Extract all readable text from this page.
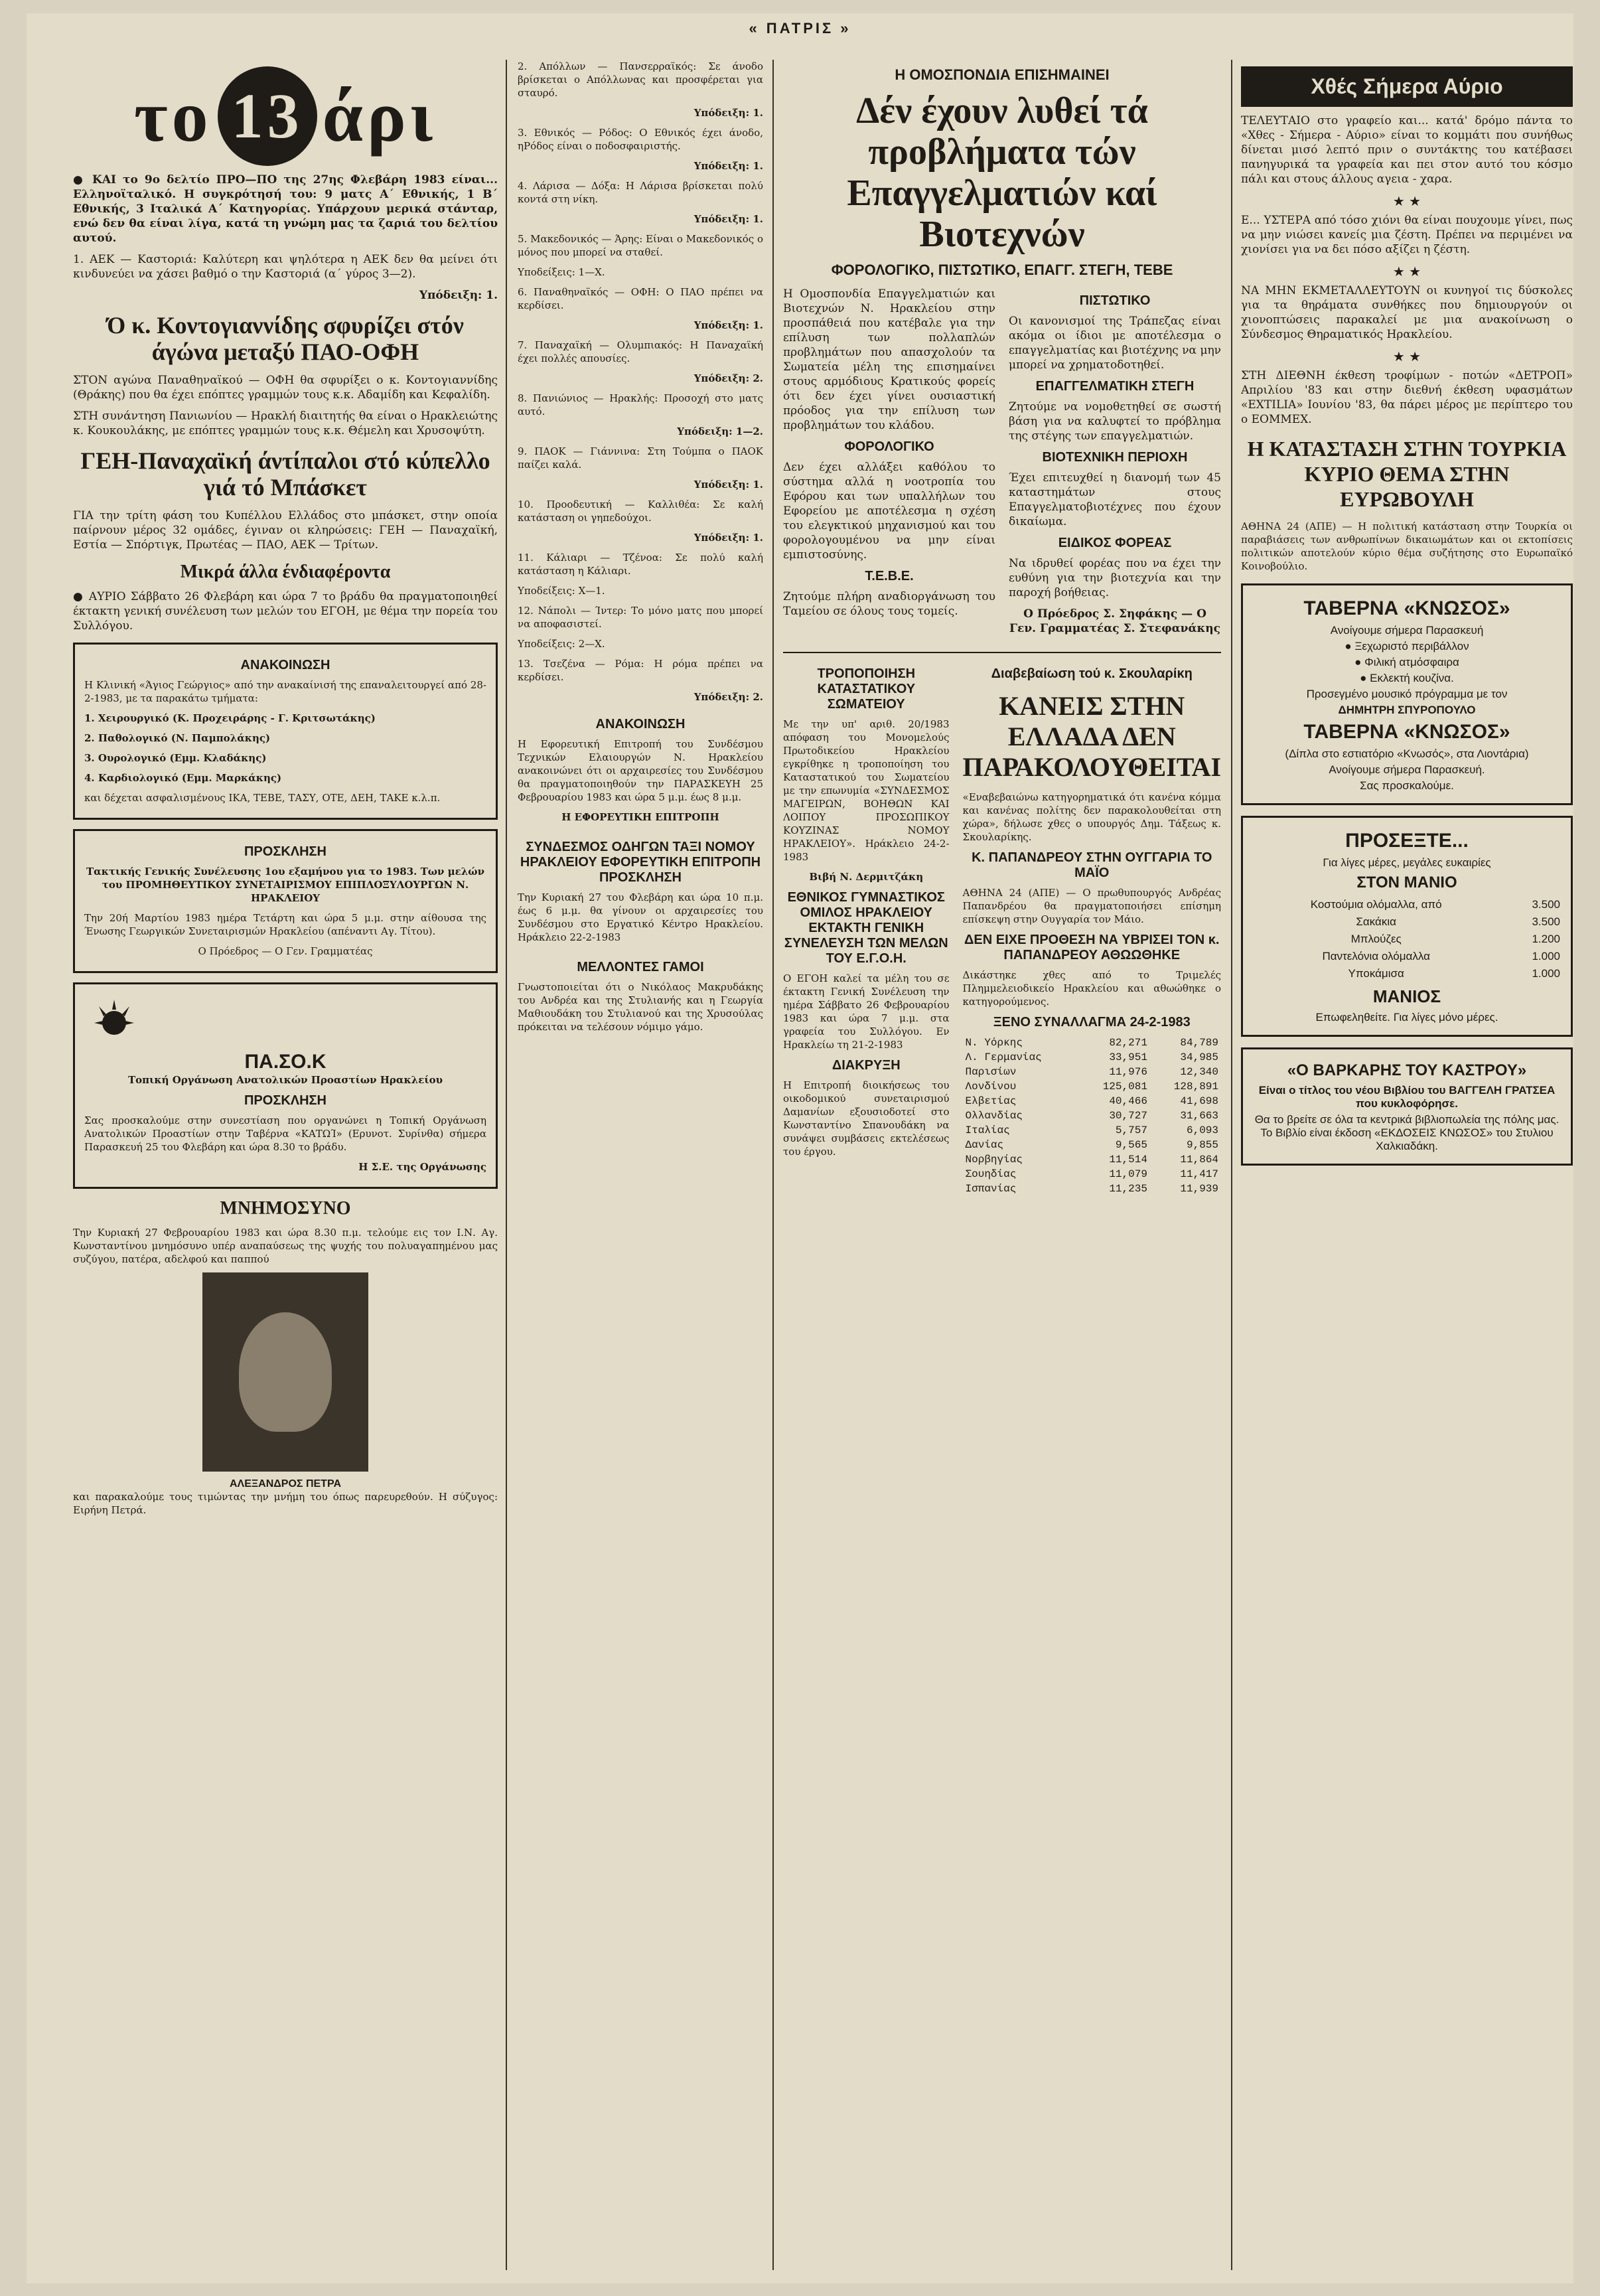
« ΠΑΤΡΙΣ »
το 13 άρι

● ΚΑΙ το 9ο δελτίο ΠΡΟ—ΠΟ της 27ης Φλεβάρη 1983 είναι... Ελληνοϊταλικό. Η συγκρότησή του: 9 ματς Α΄ Εθνικής, 1 Β΄ Εθνικής, 3 Ιταλικά Α΄ Κατηγορίας. Υπάρχουν μερικά στάνταρ, ενώ δεν θα είναι λίγα, κατά τη γνώμη μας τα ζαριά του δελτίου αυτού.

1. ΑΕΚ — Καστοριά: Καλύτερη και ψηλότερα η ΑΕΚ δεν θα μείνει ότι κινδυνεύει να χάσει βαθμό ο την Καστοριά (α΄ γύρος 3—2).

Υπόδειξη: 1.

Ό κ. Κοντογιαννίδης σφυρίζει στόν άγώνα μεταξύ ΠΑΟ-ΟΦΗ

ΣΤΟΝ αγώνα Παναθηναϊκού — ΟΦΗ θα σφυρίξει ο κ. Κοντογιαννίδης (Θράκης) που θα έχει επόπτες γραμμών τους κ.κ. Αδαμίδη και Κεφαλίδη.

ΣΤΗ συνάντηση Πανιωνίου — Ηρακλή διαιτητής θα είναι ο Ηρακλειώτης κ. Κουκουλάκης, με επόπτες γραμμών τους κ.κ. Θέμελη και Χρυσοψύτη.

ΓΕΗ-Παναχαϊκή άντίπαλοι στό κύπελλο γιά τό Μπάσκετ

ΓΙΑ την τρίτη φάση του Κυπέλλου Ελλάδος στο μπάσκετ, στην οποία παίρνουν μέρος 32 ομάδες, έγιναν οι κληρώσεις: ΓΕΗ — Παναχαϊκή, Εστία — Σπόρτιγκ, Πρωτέας — ΠΑΟ, ΑΕΚ — Τρίτων.

Μικρά άλλα ένδιαφέροντα

● ΑΥΡΙΟ Σάββατο 26 Φλεβάρη και ώρα 7 το βράδυ θα πραγματοποιηθεί έκτακτη γενική συνέλευση των μελών του ΕΓΟΗ, με θέμα την πορεία του Συλλόγου.

ΑΝΑΚΟΙΝΩΣΗ

Η Κλινική «Άγιος Γεώργιος» από την ανακαίνισή της επαναλειτουργεί από 28-2-1983, με τα παρακάτω τμήματα:

1. Χειρουργικό (Κ. Προχειράρης - Γ. Κριτσωτάκης)

2. Παθολογικό (Ν. Παμπολάκης)

3. Ουρολογικό (Εμμ. Κλαδάκης)

4. Καρδιολογικό (Εμμ. Μαρκάκης)

και δέχεται ασφαλισμένους ΙΚΑ, ΤΕΒΕ, ΤΑΣΥ, ΟΤΕ, ΔΕΗ, ΤΑΚΕ κ.λ.π.

ΠΡΟΣΚΛΗΣΗ

Τακτικής Γενικής Συνέλευσης 1ου εξαμήνου για το 1983. Των μελών του ΠΡΟΜΗΘΕΥΤΙΚΟΥ ΣΥΝΕΤΑΙΡΙΣΜΟΥ ΕΠΙΠΛΟΞΥΛΟΥΡΓΩΝ Ν. ΗΡΑΚΛΕΙΟΥ

Την 20ή Μαρτίου 1983 ημέρα Τετάρτη και ώρα 5 μ.μ. στην αίθουσα της Ένωσης Γεωργικών Συνεταιρισμών Ηρακλείου (απέναντι Αγ. Τίτου).

Ο Πρόεδρος — Ο Γεν. Γραμματέας

ΠΑ.ΣΟ.Κ

Τοπική Οργάνωση Ανατολικών Προαστίων Ηρακλείου

ΠΡΟΣΚΛΗΣΗ

Σας προσκαλούμε στην συνεστίαση που οργανώνει η Τοπική Οργάνωση Ανατολικών Προαστίων στην Ταβέρνα «ΚΑΤΩΊ» (Ερυνοτ. Συρίνθα) σήμερα Παρασκευή 25 του Φλεβάρη και ώρα 8.30 το βράδυ.

Η Σ.Ε. της Οργάνωσης

ΜΝΗΜΟΣΥΝΟ

Την Κυριακή 27 Φεβρουαρίου 1983 και ώρα 8.30 π.μ. τελούμε εις τον Ι.Ν. Αγ. Κωνσταντίνου μνημόσυνο υπέρ αναπαύσεως της ψυχής του πολυαγαπημένου μας συζύγου, πατέρα, αδελφού και παππού

ΑΛΕΞΑΝΔΡΟΣ ΠΕΤΡΑ

και παρακαλούμε τους τιμώντας την μνήμη του όπως παρευρεθούν. Η σύζυγος: Ειρήνη Πετρά.

2. Απόλλων — Πανσερραϊκός: Σε άνοδο βρίσκεται ο Απόλλωνας και προσφέρεται για σταυρό.

Υπόδειξη: 1.

3. Εθνικός — Ρόδος: Ο Εθνικός έχει άνοδο, ηΡόδος είναι ο ποδοσφαιριστής.

Υπόδειξη: 1.

4. Λάρισα — Δόξα: Η Λάρισα βρίσκεται πολύ κοντά στη νίκη.

Υπόδειξη: 1.

5. Μακεδονικός — Άρης: Είναι ο Μακεδονικός ο μόνος που μπορεί να σταθεί.

Υποδείξεις: 1—X.

6. Παναθηναϊκός — ΟΦΗ: Ο ΠΑΟ πρέπει να κερδίσει.

Υπόδειξη: 1.

7. Παναχαϊκή — Ολυμπιακός: Η Παναχαϊκή έχει πολλές απουσίες.

Υπόδειξη: 2.

8. Πανιώνιος — Ηρακλής: Προσοχή στο ματς αυτό.

Υπόδειξη: 1—2.

9. ΠΑΟΚ — Γιάννινα: Στη Τούμπα ο ΠΑΟΚ παίζει καλά.

Υπόδειξη: 1.

10. Προοδευτική — Καλλιθέα: Σε καλή κατάσταση οι γηπεδούχοι.

Υπόδειξη: 1.

11. Κάλιαρι — Τζένοα: Σε πολύ καλή κατάσταση η Κάλιαρι.

Υποδείξεις: X—1.

12. Νάπολι — Ίντερ: Το μόνο ματς που μπορεί να αποφασιστεί.

Υποδείξεις: 2—X.

13. Τσεζένα — Ρόμα: Η ρόμα πρέπει να κερδίσει.

Υπόδειξη: 2.

ΑΝΑΚΟΙΝΩΣΗ

Η Εφορευτική Επιτροπή του Συνδέσμου Τεχνικών Ελαιουργών Ν. Ηρακλείου ανακοινώνει ότι οι αρχαιρεσίες του Συνδέσμου θα πραγματοποιηθούν την ΠΑΡΑΣΚΕΥΗ 25 Φεβρουαρίου 1983 και ώρα 5 μ.μ. έως 8 μ.μ.

Η ΕΦΟΡΕΥΤΙΚΗ ΕΠΙΤΡΟΠΗ

ΣΥΝΔΕΣΜΟΣ ΟΔΗΓΩΝ ΤΑΞΙ ΝΟΜΟΥ ΗΡΑΚΛΕΙΟΥ ΕΦΟΡΕΥΤΙΚΗ ΕΠΙΤΡΟΠΗ ΠΡΟΣΚΛΗΣΗ

Την Κυριακή 27 του Φλεβάρη και ώρα 10 π.μ. έως 6 μ.μ. θα γίνουν οι αρχαιρεσίες του Συνδέσμου στο Εργατικό Κέντρο Ηρακλείου. Ηράκλειο 22-2-1983

ΜΕΛΛΟΝΤΕΣ ΓΑΜΟΙ

Γνωστοποιείται ότι ο Νικόλαος Μακρυδάκης του Ανδρέα και της Στυλιανής και η Γεωργία Μαθιουδάκη του Στυλιανού και της Χρυσούλας πρόκειται να τελέσουν νόμιμο γάμο.

Η ΟΜΟΣΠΟΝΔΙΑ ΕΠΙΣΗΜΑΙΝΕΙ
Δέν έχουν λυθεί τά προβλήματα τών Επαγγελματιών καί Βιοτεχνών
ΦΟΡΟΛΟΓΙΚΟ, ΠΙΣΤΩΤΙΚΟ, ΕΠΑΓΓ. ΣΤΕΓΗ, ΤΕΒΕ

Η Ομοσπονδία Επαγγελματιών και Βιοτεχνών Ν. Ηρακλείου στην προσπάθειά που κατέβαλε για την επίλυση των πολλαπλών προβλημάτων που απασχολούν τα Σωματεία μέλη της επισημαίνει στους αρμόδιους Κρατικούς φορείς ότι δεν έχει γίνει ουσιαστική πρόοδος για την επίλυση των προβλημάτων του κλάδου.

ΦΟΡΟΛΟΓΙΚΟ

Δεν έχει αλλάξει καθόλου το σύστημα αλλά η νοοτροπία του Εφόρου και των υπαλλήλων του Εφορείου με αποτέλεσμα η σχέση του ελεγκτικού μηχανισμού και του φορολογουμένου να μην είναι εμπιστοσύνης.

Τ.Ε.Β.Ε.

Ζητούμε πλήρη αναδιοργάνωση του Ταμείου σε όλους τους τομείς.

ΠΙΣΤΩΤΙΚΟ

Οι κανονισμοί της Τράπεζας είναι ακόμα οι ίδιοι με αποτέλεσμα ο επαγγελματίας και βιοτέχνης να μην μπορεί να χρηματοδοτηθεί.

ΕΠΑΓΓΕΛΜΑΤΙΚΗ ΣΤΕΓΗ

Ζητούμε να νομοθετηθεί σε σωστή βάση για να καλυφτεί το πρόβλημα της στέγης των επαγγελματιών.

ΒΙΟΤΕΧΝΙΚΗ ΠΕΡΙΟΧΗ

Έχει επιτευχθεί η διανομή των 45 καταστημάτων στους Επαγγελματοβιοτέχνες που έχουν δικαίωμα.

ΕΙΔΙΚΟΣ ΦΟΡΕΑΣ

Να ιδρυθεί φορέας που να έχει την ευθύνη για την βιοτεχνία και την παροχή βοήθειας.

Ο Πρόεδρος Σ. Σηφάκης — Ο Γεν. Γραμματέας Σ. Στεφανάκης

ΤΡΟΠΟΠΟΙΗΣΗ ΚΑΤΑΣΤΑΤΙΚΟΥ ΣΩΜΑΤΕΙΟΥ

Με την υπ' αριθ. 20/1983 απόφαση του Μονομελούς Πρωτοδικείου Ηρακλείου εγκρίθηκε η τροποποίηση του Καταστατικού του Σωματείου με την επωνυμία «ΣΥΝΔΕΣΜΟΣ ΜΑΓΕΙΡΩΝ, ΒΟΗΘΩΝ ΚΑΙ ΛΟΙΠΟΥ ΠΡΟΣΩΠΙΚΟΥ ΚΟΥΖΙΝΑΣ ΝΟΜΟΥ ΗΡΑΚΛΕΙΟΥ». Ηράκλειο 24-2-1983

Βιβή Ν. Δερμιτζάκη

ΕΘΝΙΚΟΣ ΓΥΜΝΑΣΤΙΚΟΣ ΟΜΙΛΟΣ ΗΡΑΚΛΕΙΟΥ ΕΚΤΑΚΤΗ ΓΕΝΙΚΗ ΣΥΝΕΛΕΥΣΗ ΤΩΝ ΜΕΛΩΝ ΤΟΥ Ε.Γ.Ο.Η.

Ο ΕΓΟΗ καλεί τα μέλη του σε έκτακτη Γενική Συνέλευση την ημέρα Σάββατο 26 Φεβρουαρίου 1983 και ώρα 7 μ.μ. στα γραφεία του Συλλόγου. Εν Ηρακλείω τη 21-2-1983

ΔΙΑΚΡΥΞΗ

Η Επιτροπή διοικήσεως του οικοδομικού συνεταιρισμού Δαμανίων εξουσιοδοτεί στο Κωνσταντίνο Σπανουδάκη να συνάψει συμβάσεις εκτελέσεως του έργου.

Διαβεβαίωση τού κ. Σκουλαρίκη
ΚΑΝΕΙΣ ΣΤΗΝ ΕΛΛΑΔΑ ΔΕΝ ΠΑΡΑΚΟΛΟΥΘΕΙΤΑΙ

«Εναβεβαιώνω κατηγορηματικά ότι κανένα κόμμα και κανένας πολίτης δεν παρακολουθείται στη χώρα», δήλωσε χθες ο υπουργός Δημ. Τάξεως κ. Σκουλαρίκης.

Κ. ΠΑΠΑΝΔΡΕΟΥ ΣΤΗΝ ΟΥΓΓΑΡΙΑ ΤΟ ΜΑΪΟ

ΑΘΗΝΑ 24 (ΑΠΕ) — Ο πρωθυπουργός Ανδρέας Παπανδρέου θα πραγματοποιήσει επίσημη επίσκεψη στην Ουγγαρία τον Μάιο.

ΔΕΝ ΕΙΧΕ ΠΡΟΘΕΣΗ ΝΑ ΥΒΡΙΣΕΙ ΤΟΝ κ. ΠΑΠΑΝΔΡΕΟΥ ΑΘΩΩΘΗΚΕ

Δικάστηκε χθες από το Τριμελές Πλημμελειοδικείο Ηρακλείου και αθωώθηκε ο κατηγορούμενος.

ΞΕΝΟ ΣΥΝΑΛΛΑΓΜΑ 24-2-1983
Ν. Υόρκης	82,271	84,789
Λ. Γερμανίας	33,951	34,985
Παρισίων	11,976	12,340
Λονδίνου	125,081	128,891
Ελβετίας	40,466	41,698
Ολλανδίας	30,727	31,663
Ιταλίας	5,757	6,093
Δανίας	9,565	9,855
Νορβηγίας	11,514	11,864
Σουηδίας	11,079	11,417
Ισπανίας	11,235	11,939
Χθές Σήμερα Αύριο

ΤΕΛΕΥΤΑΙΟ στο γραφείο και... κατά' δρόμο πάντα το «Χθες - Σήμερα - Αύριο» είναι το κομμάτι που συνήθως δίνεται μισό λεπτό πριν ο συντάκτης του κατέβασει πανηγυρικά τα γραφεία και πει στον αυτό του κόσμο πάλι και στους άλλους αγεια - χαρα.

★ ★

Ε... ΥΣΤΕΡΑ από τόσο χιόνι θα είναι πουχουμε γίνει, πως να μην νιώσει κανείς μια ζέστη. Πρέπει να περιμένει να χιονίσει για να δει πόσο αξίζει η ζέστη.

★ ★

ΝΑ ΜΗΝ ΕΚΜΕΤΑΛΛΕΥΤΟΥΝ οι κυνηγοί τις δύσκολες για τα θηράματα συνθήκες που δημιουργούν οι χιονοπτώσεις παρακαλεί με μια ανακοίνωση ο Σύνδεσμος Θηραματικός Ηρακλείου.

★ ★

ΣΤΗ ΔΙΕΘΝΗ έκθεση τροφίμων - ποτών «ΔΕΤΡΟΠ» Απριλίου '83 και στην διεθνή έκθεση υφασμάτων «ΕΧΤΙLΙΑ» Ιουνίου '83, θα πάρει μέρος με περίπτερο του ο ΕΟΜΜΕΧ.

Η ΚΑΤΑΣΤΑΣΗ ΣΤΗΝ ΤΟΥΡΚΙΑ ΚΥΡΙΟ ΘΕΜΑ ΣΤΗΝ ΕΥΡΩΒΟΥΛΗ

ΑΘΗΝΑ 24 (ΑΠΕ) — Η πολιτική κατάσταση στην Τουρκία οι παραβιάσεις των ανθρωπίνων δικαιωμάτων και οι εκτοπίσεις πολιτικών αποτελούν κύριο θέμα συζήτησης στο Ευρωπαϊκό Κοινοβούλιο.

ΤΑΒΕΡΝΑ «ΚΝΩΣΟΣ»
Ανοίγουμε σήμερα Παρασκευή
● Ξεχωριστό περιβάλλον
● Φιλική ατμόσφαιρα
● Εκλεκτή κουζίνα.
Προσεγμένο μουσικό πρόγραμμα με τον
ΔΗΜΗΤΡΗ ΣΠΥΡΟΠΟΥΛΟ
ΤΑΒΕΡΝΑ «ΚΝΩΣΟΣ»
(Δίπλα στο εστιατόριο «Κνωσός», στα Λιοντάρια)
Ανοίγουμε σήμερα Παρασκευή.
Σας προσκαλούμε.
ΠΡΟΣΕΞΤΕ...
Για λίγες μέρες, μεγάλες ευκαιρίες
ΣΤΟΝ ΜΑΝΙΟ
Κοστούμια ολόμαλλα, από	3.500
Σακάκια	3.500
Μπλούζες	1.200
Παντελόνια ολόμαλλα	1.000
Υποκάμισα	1.000
ΜΑΝΙΟΣ
Επωφεληθείτε. Για λίγες μόνο μέρες.
«Ο ΒΑΡΚΑΡΗΣ ΤΟΥ ΚΑΣΤΡΟΥ»
Είναι ο τίτλος του νέου Βιβλίου του ΒΑΓΓΕΛΗ ΓΡΑΤΣΕΑ που κυκλοφόρησε.
Θα το βρείτε σε όλα τα κεντρικά βιβλιοπωλεία της πόλης μας. Το Βιβλίο είναι έκδοση «ΕΚΔΟΣΕΙΣ ΚΝΩΣΟΣ» του Στυλιου Χαλκιαδάκη.
